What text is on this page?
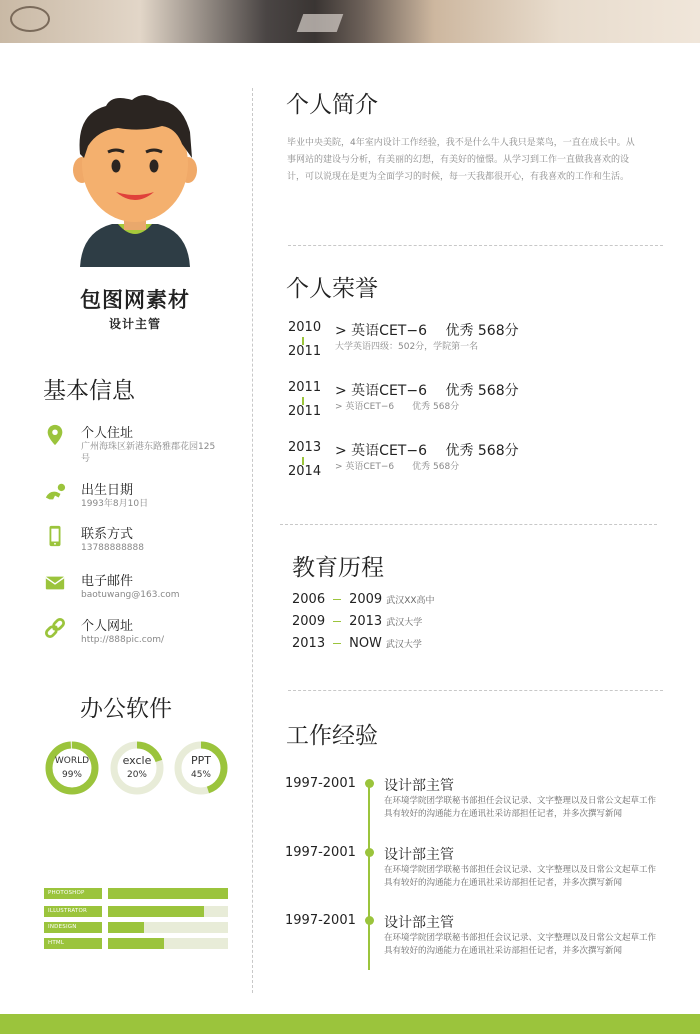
包图网素材
设计主管
基本信息
个人住址
广州海珠区新港东路雅郡花园125号
出生日期
1993年8月10日
联系方式
13788888888
电子邮件
baotuwang@163.com
个人网址
http://888pic.com/
办公软件
WORLD
99%
excle
20%
PPT
45%
PHOTOSHOP
ILLUSTRATOR
INDESIGN
HTML
个人简介
毕业中央美院，4年室内设计工作经验，我不是什么牛人我只是菜鸟，一直在成长中。从事网站的建设与分析，有美丽的幻想，有美好的憧憬。从学习到工作一直做我喜欢的设计，可以说现在是更为全面学习的时候，每一天我都很开心，有我喜欢的工作和生活。
个人荣誉
2010
2011
> 英语CET−6　 优秀 568分
大学英语四级：502分，学院第一名
2011
2011
> 英语CET−6　 优秀 568分
> 英语CET−6　　优秀 568分
2013
2014
> 英语CET−6　 优秀 568分
> 英语CET−6　　优秀 568分
教育历程
2006 2009 武汉XX高中
2009 2013 武汉大学
2013 NOW 武汉大学
工作经验
1997-2001 设计部主管
在环境学院团学联秘书部担任会议记录、文字整理以及日常公文起草工作具有较好的沟通能力在通讯社采访部担任记者，并多次撰写新闻
1997-2001 设计部主管
在环境学院团学联秘书部担任会议记录、文字整理以及日常公文起草工作具有较好的沟通能力在通讯社采访部担任记者，并多次撰写新闻
1997-2001 设计部主管
在环境学院团学联秘书部担任会议记录、文字整理以及日常公文起草工作具有较好的沟通能力在通讯社采访部担任记者，并多次撰写新闻
